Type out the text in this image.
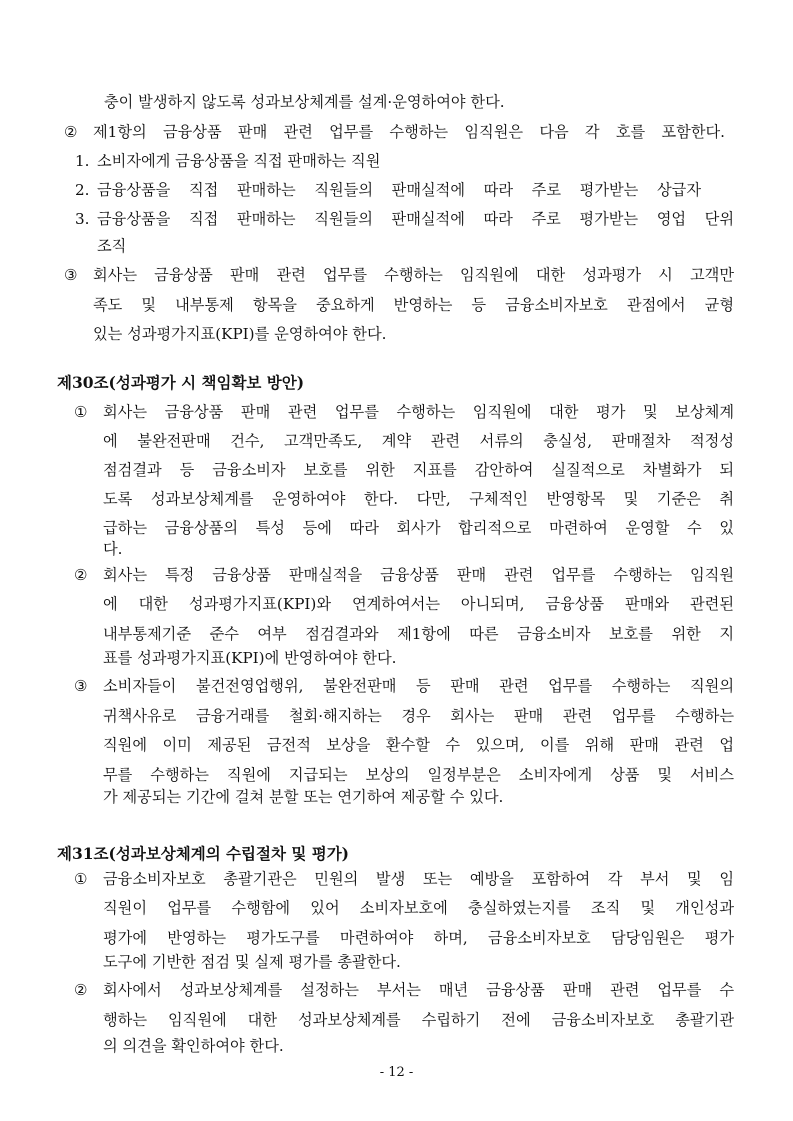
충이 발생하지 않도록 성과보상체계를 설계·운영하여야 한다.
② 제1항의 금융상품 판매 관련 업무를 수행하는 임직원은 다음 각 호를 포함한다.
1. 소비자에게 금융상품을 직접 판매하는 직원
2. 금융상품을 직접 판매하는 직원들의 판매실적에 따라 주로 평가받는 상급자
3. 금융상품을 직접 판매하는 직원들의 판매실적에 따라 주로 평가받는 영업 단위
조직
③ 회사는 금융상품 판매 관련 업무를 수행하는 임직원에 대한 성과평가 시 고객만
족도 및 내부통제 항목을 중요하게 반영하는 등 금융소비자보호 관점에서 균형
있는 성과평가지표(KPI)를 운영하여야 한다.
제30조(성과평가 시 책임확보 방안)
① 회사는 금융상품 판매 관련 업무를 수행하는 임직원에 대한 평가 및 보상체계
에 불완전판매 건수, 고객만족도, 계약 관련 서류의 충실성, 판매절차 적정성
점검결과 등 금융소비자 보호를 위한 지표를 감안하여 실질적으로 차별화가 되
도록 성과보상체계를 운영하여야 한다. 다만, 구체적인 반영항목 및 기준은 취
급하는 금융상품의 특성 등에 따라 회사가 합리적으로 마련하여 운영할 수 있
다.
② 회사는 특정 금융상품 판매실적을 금융상품 판매 관련 업무를 수행하는 임직원
에 대한 성과평가지표(KPI)와 연계하여서는 아니되며, 금융상품 판매와 관련된
내부통제기준 준수 여부 점검결과와 제1항에 따른 금융소비자 보호를 위한 지
표를 성과평가지표(KPI)에 반영하여야 한다.
③ 소비자들이 불건전영업행위, 불완전판매 등 판매 관련 업무를 수행하는 직원의
귀책사유로 금융거래를 철회·해지하는 경우 회사는 판매 관련 업무를 수행하는
직원에 이미 제공된 금전적 보상을 환수할 수 있으며, 이를 위해 판매 관련 업
무를 수행하는 직원에 지급되는 보상의 일정부분은 소비자에게 상품 및 서비스
가 제공되는 기간에 걸쳐 분할 또는 연기하여 제공할 수 있다.
제31조(성과보상체계의 수립절차 및 평가)
① 금융소비자보호 총괄기관은 민원의 발생 또는 예방을 포함하여 각 부서 및 임
직원이 업무를 수행함에 있어 소비자보호에 충실하였는지를 조직 및 개인성과
평가에 반영하는 평가도구를 마련하여야 하며, 금융소비자보호 담당임원은 평가
도구에 기반한 점검 및 실제 평가를 총괄한다.
② 회사에서 성과보상체계를 설정하는 부서는 매년 금융상품 판매 관련 업무를 수
행하는 임직원에 대한 성과보상체계를 수립하기 전에 금융소비자보호 총괄기관
의 의견을 확인하여야 한다.
- 12 -
